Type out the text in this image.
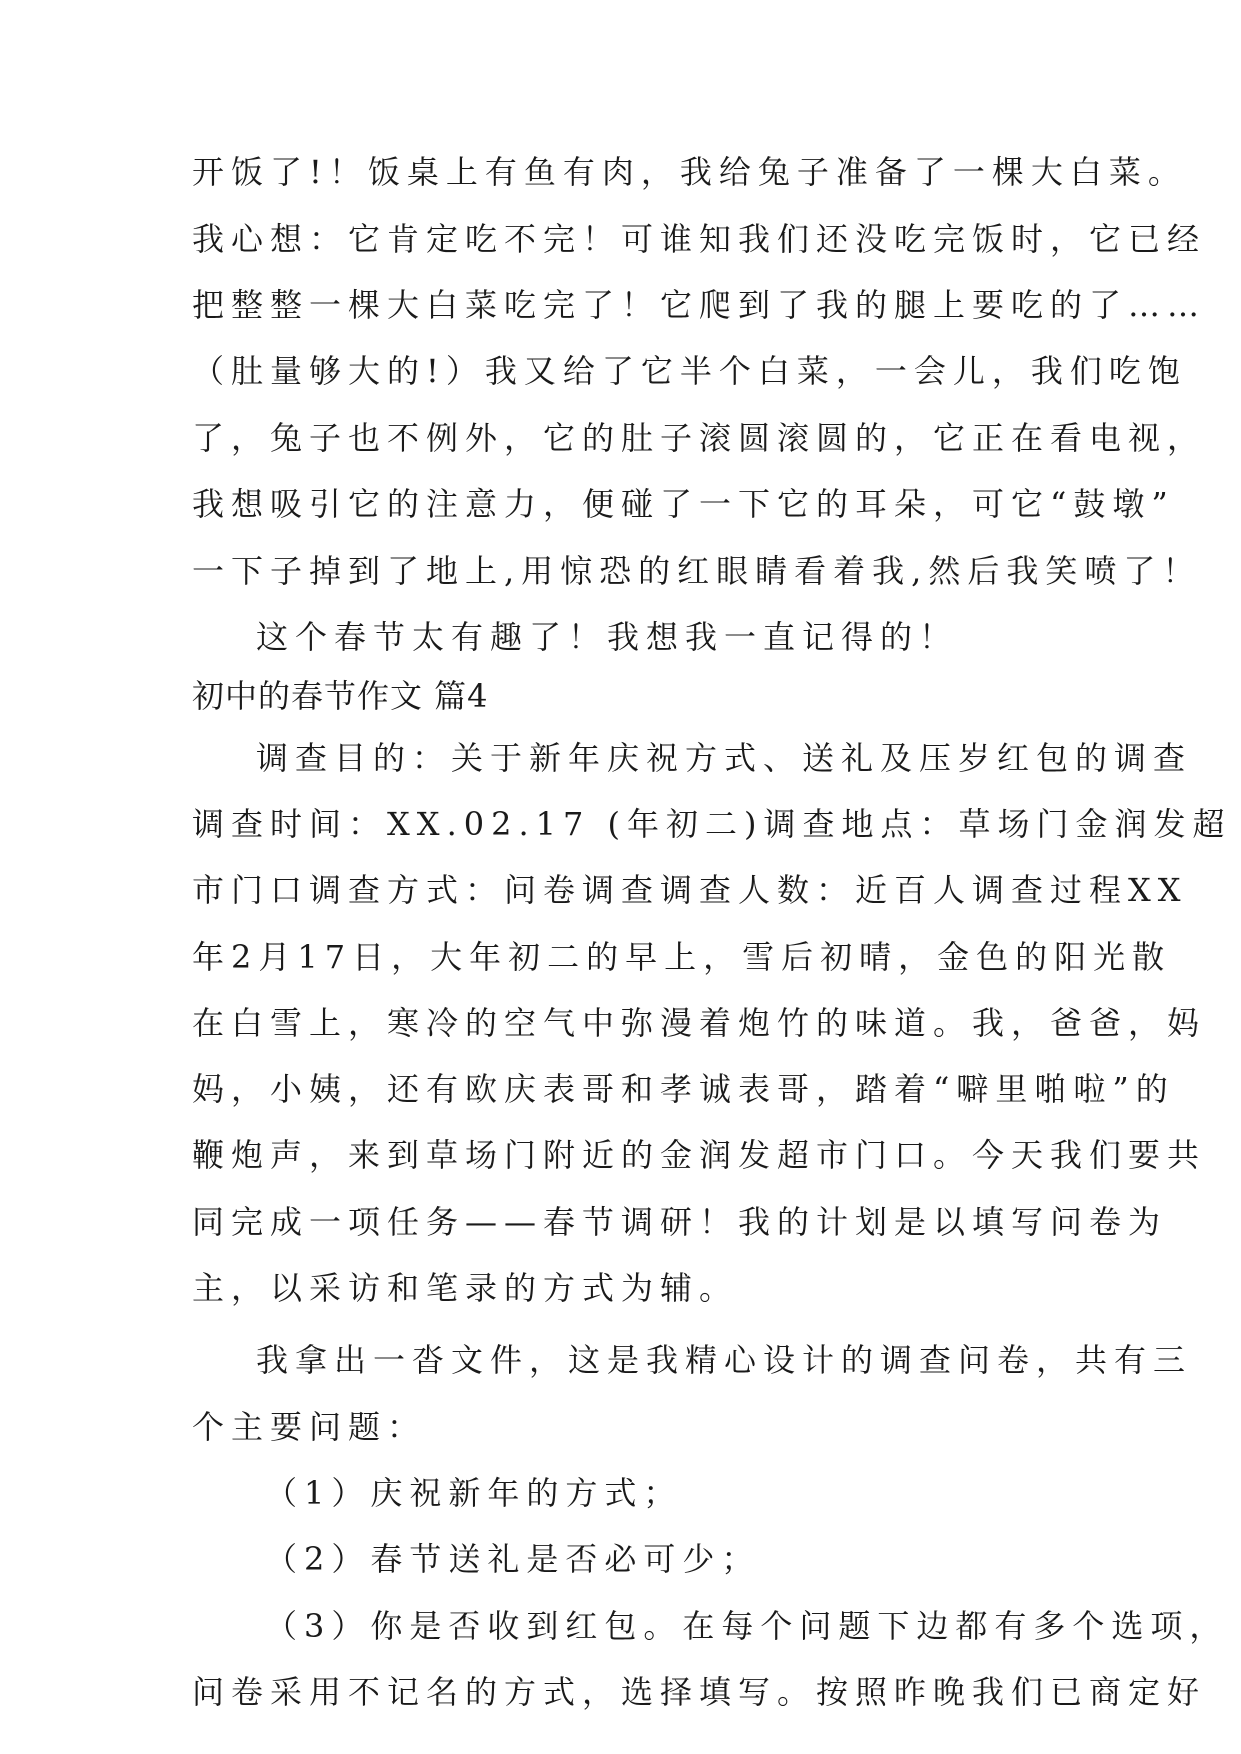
开饭了!！饭桌上有鱼有肉，我给兔子准备了一棵大白菜。
我心想：它肯定吃不完！可谁知我们还没吃完饭时，它已经
把整整一棵大白菜吃完了！它爬到了我的腿上要吃的了……
（肚量够大的!）我又给了它半个白菜，一会儿，我们吃饱
了，兔子也不例外，它的肚子滚圆滚圆的，它正在看电视，
我想吸引它的注意力，便碰了一下它的耳朵，可它“鼓墩”
一下子掉到了地上,用惊恐的红眼睛看着我,然后我笑喷了！
这个春节太有趣了！我想我一直记得的！
初中的春节作文 篇4
调查目的：关于新年庆祝方式、送礼及压岁红包的调查
调查时间：XX.02.17 (年初二)调查地点：草场门金润发超
市门口调查方式：问卷调查调查人数：近百人调查过程XX
年2月17日，大年初二的早上，雪后初晴，金色的阳光散
在白雪上，寒冷的空气中弥漫着炮竹的味道。我，爸爸，妈
妈，小姨，还有欧庆表哥和孝诚表哥，踏着“噼里啪啦”的
鞭炮声，来到草场门附近的金润发超市门口。今天我们要共
同完成一项任务——春节调研！我的计划是以填写问卷为
主，以采访和笔录的方式为辅。
我拿出一沓文件，这是我精心设计的调查问卷，共有三
个主要问题：
（1）庆祝新年的方式；
（2）春节送礼是否必可少；
（3）你是否收到红包。在每个问题下边都有多个选项，
问卷采用不记名的方式，选择填写。按照昨晚我们已商定好
